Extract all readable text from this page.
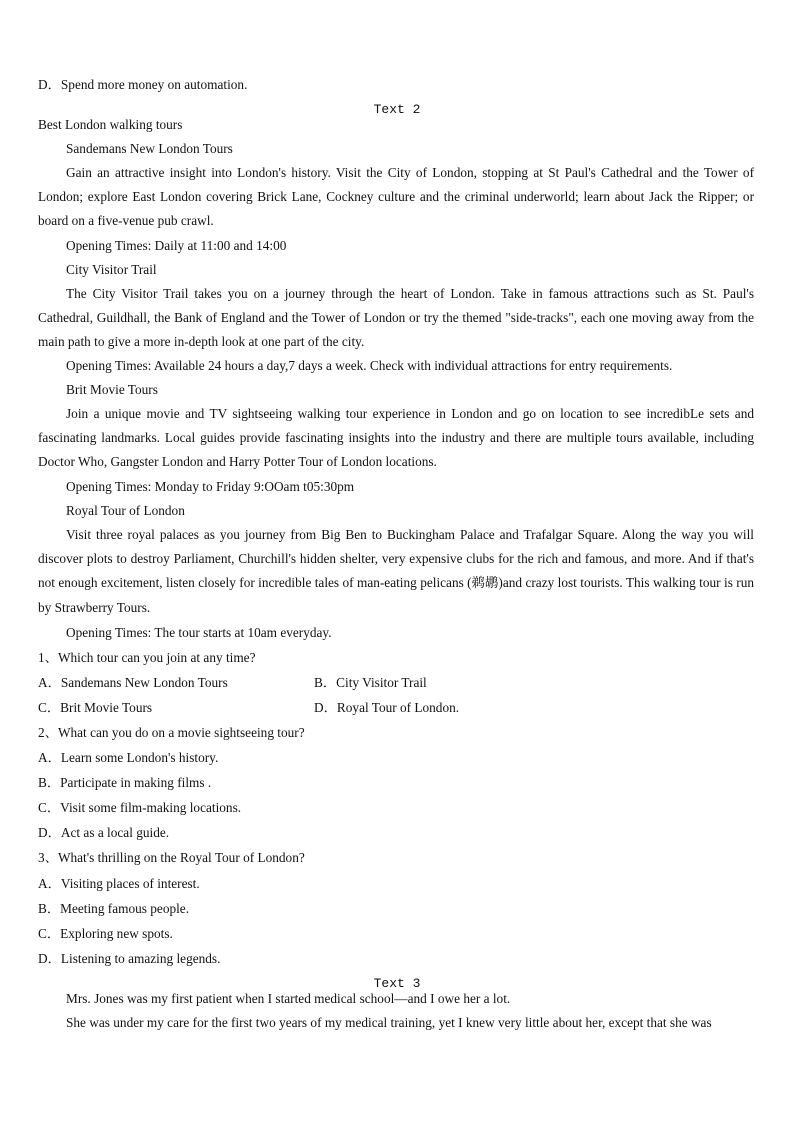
D．Spend more money on automation.
Text 2
Best London walking tours
Sandemans New London Tours
Gain an attractive insight into London's history. Visit the City of London, stopping at St Paul's Cathedral and the Tower of London; explore East London covering Brick Lane, Cockney culture and the criminal underworld; learn about Jack the Ripper; or board on a five-venue pub crawl.
Opening Times: Daily at 11:00 and 14:00
City Visitor Trail
The City Visitor Trail takes you on a journey through the heart of London. Take in famous attractions such as St. Paul's Cathedral, Guildhall, the Bank of England and the Tower of London or try the themed "side-tracks", each one moving away from the main path to give a more in-depth look at one part of the city.
Opening Times: Available 24 hours a day,7 days a week. Check with individual attractions for entry requirements.
Brit Movie Tours
Join a unique movie and TV sightseeing walking tour experience in London and go on location to see incredibLe sets and fascinating landmarks. Local guides provide fascinating insights into the industry and there are multiple tours available, including Doctor Who, Gangster London and Harry Potter Tour of London locations.
Opening Times: Monday to Friday 9:OOam t05:30pm
Royal Tour of London
Visit three royal palaces as you journey from Big Ben to Buckingham Palace and Trafalgar Square. Along the way you will discover plots to destroy Parliament, Churchill's hidden shelter, very expensive clubs for the rich and famous, and more. And if that's not enough excitement, listen closely for incredible tales of man-eating pelicans (鹈鹕)and crazy lost tourists. This walking tour is run by Strawberry Tours.
Opening Times: The tour starts at 10am everyday.
1、Which tour can you join at any time?
A．Sandemans New London Tours	B．City Visitor Trail
C．Brit Movie Tours	D．Royal Tour of London.
2、What can you do on a movie sightseeing tour?
A．Learn some London's history.
B．Participate in making films .
C．Visit some film-making locations.
D．Act as a local guide.
3、What's thrilling on the Royal Tour of London?
A．Visiting places of interest.
B．Meeting famous people.
C．Exploring new spots.
D．Listening to amazing legends.
Text 3
Mrs. Jones was my first patient when I started medical school—and I owe her a lot.
She was under my care for the first two years of my medical training, yet I knew very little about her, except that she was
